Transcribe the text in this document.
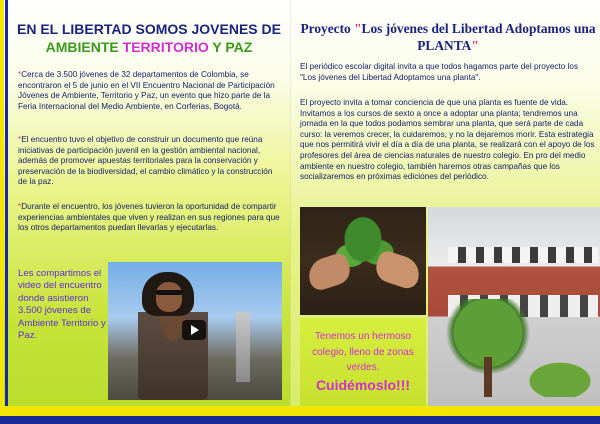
EN EL LIBERTAD SOMOS JOVENES DE
AMBIENTE TERRITORIO Y PAZ
*Cerca de 3.500 jóvenes de 32 departamentos de Colombia, se encontraron el 5 de junio en el VII Encuentro Nacional de Participación Jóvenes de Ambiente, Territorio y Paz, un evento que hizo parte de la Feria Internacional del Medio Ambiente, en Corferias, Bogotá.
*El encuentro tuvo el objetivo de construir un documento que reúna iniciativas de participación juvenil en la gestión ambiental nacional, además de promover apuestas territoriales para la conservación y preservación de la biodiversidad, el cambio climático y la construcción de la paz.
*Durante el encuentro, los jóvenes tuvieron la oportunidad de compartir experiencias ambientales que viven y realizan en sus regiones para que los otros departamentos puedan llevarlas y ejecutarlas.
Les compartimos el video del encuentro donde asistieron 3.500 jóvenes de Ambiente Territorio y Paz.
Proyecto "Los jóvenes del Libertad Adoptamos una PLANTA"
El periódico escolar digital invita a que todos hagamos parte del proyecto los "Los jóvenes del Libertad Adoptamos una planta".
El proyecto invita a tomar conciencia de que una planta es fuente de vida. Invitamos a los cursos de sexto a once a adoptar una planta; tendremos una jornada en la que todos podamos sembrar una planta, que será parte de cada curso: la veremos crecer, la cuidaremos, y no la dejaremos morir. Esta estrategia que nos permitirá vivir el día a día de una planta, se realizará con el apoyo de los profesores del área de ciencias naturales de nuestro colegio. En pro del medio ambiente en nuestro colegio, también haremos otras campañas que los socializaremos en próximas ediciones del periódico.
Tenemos un hermoso colegio, lleno de zonas verdes.
Cuidémoslo!!!
